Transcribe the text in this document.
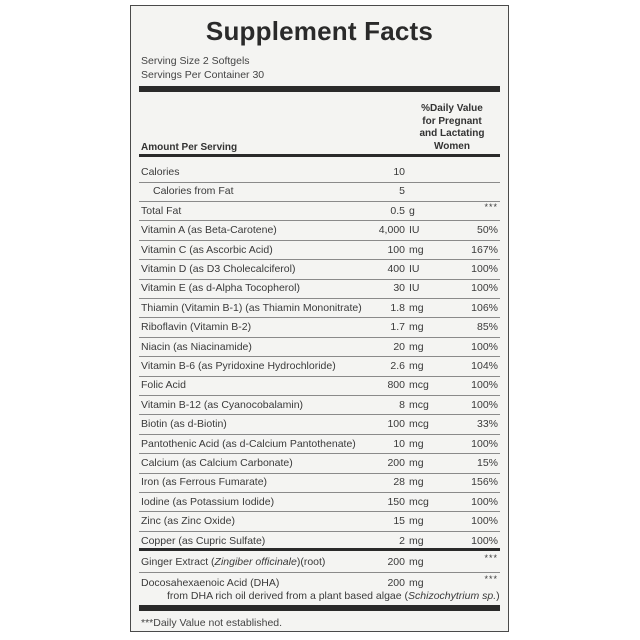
Supplement Facts
Serving Size 2 Softgels
Servings Per Container 30
%Daily Value
for Pregnant
and Lactating
Women
Amount Per Serving
Calories	10
Calories from Fat	5
Total Fat	0.5 g	***
Vitamin A (as Beta-Carotene)	4,000 IU	50%
Vitamin C (as Ascorbic Acid)	100 mg	167%
Vitamin D (as D3 Cholecalciferol)	400 IU	100%
Vitamin E (as d-Alpha Tocopherol)	30 IU	100%
Thiamin (Vitamin B-1) (as Thiamin Mononitrate)	1.8 mg	106%
Riboflavin (Vitamin B-2)	1.7 mg	85%
Niacin (as Niacinamide)	20 mg	100%
Vitamin B-6 (as Pyridoxine Hydrochloride)	2.6 mg	104%
Folic Acid	800 mcg	100%
Vitamin B-12 (as Cyanocobalamin)	8 mcg	100%
Biotin (as d-Biotin)	100 mcg	33%
Pantothenic Acid (as d-Calcium Pantothenate)	10 mg	100%
Calcium (as Calcium Carbonate)	200 mg	15%
Iron (as Ferrous Fumarate)	28 mg	156%
Iodine (as Potassium Iodide)	150 mcg	100%
Zinc (as Zinc Oxide)	15 mg	100%
Copper (as Cupric Sulfate)	2 mg	100%
Ginger Extract (Zingiber officinale)(root)	200 mg	***
Docosahexaenoic Acid (DHA)	200 mg	***
from DHA rich oil derived from a plant based algae (Schizochytrium sp.)
***Daily Value not established.
